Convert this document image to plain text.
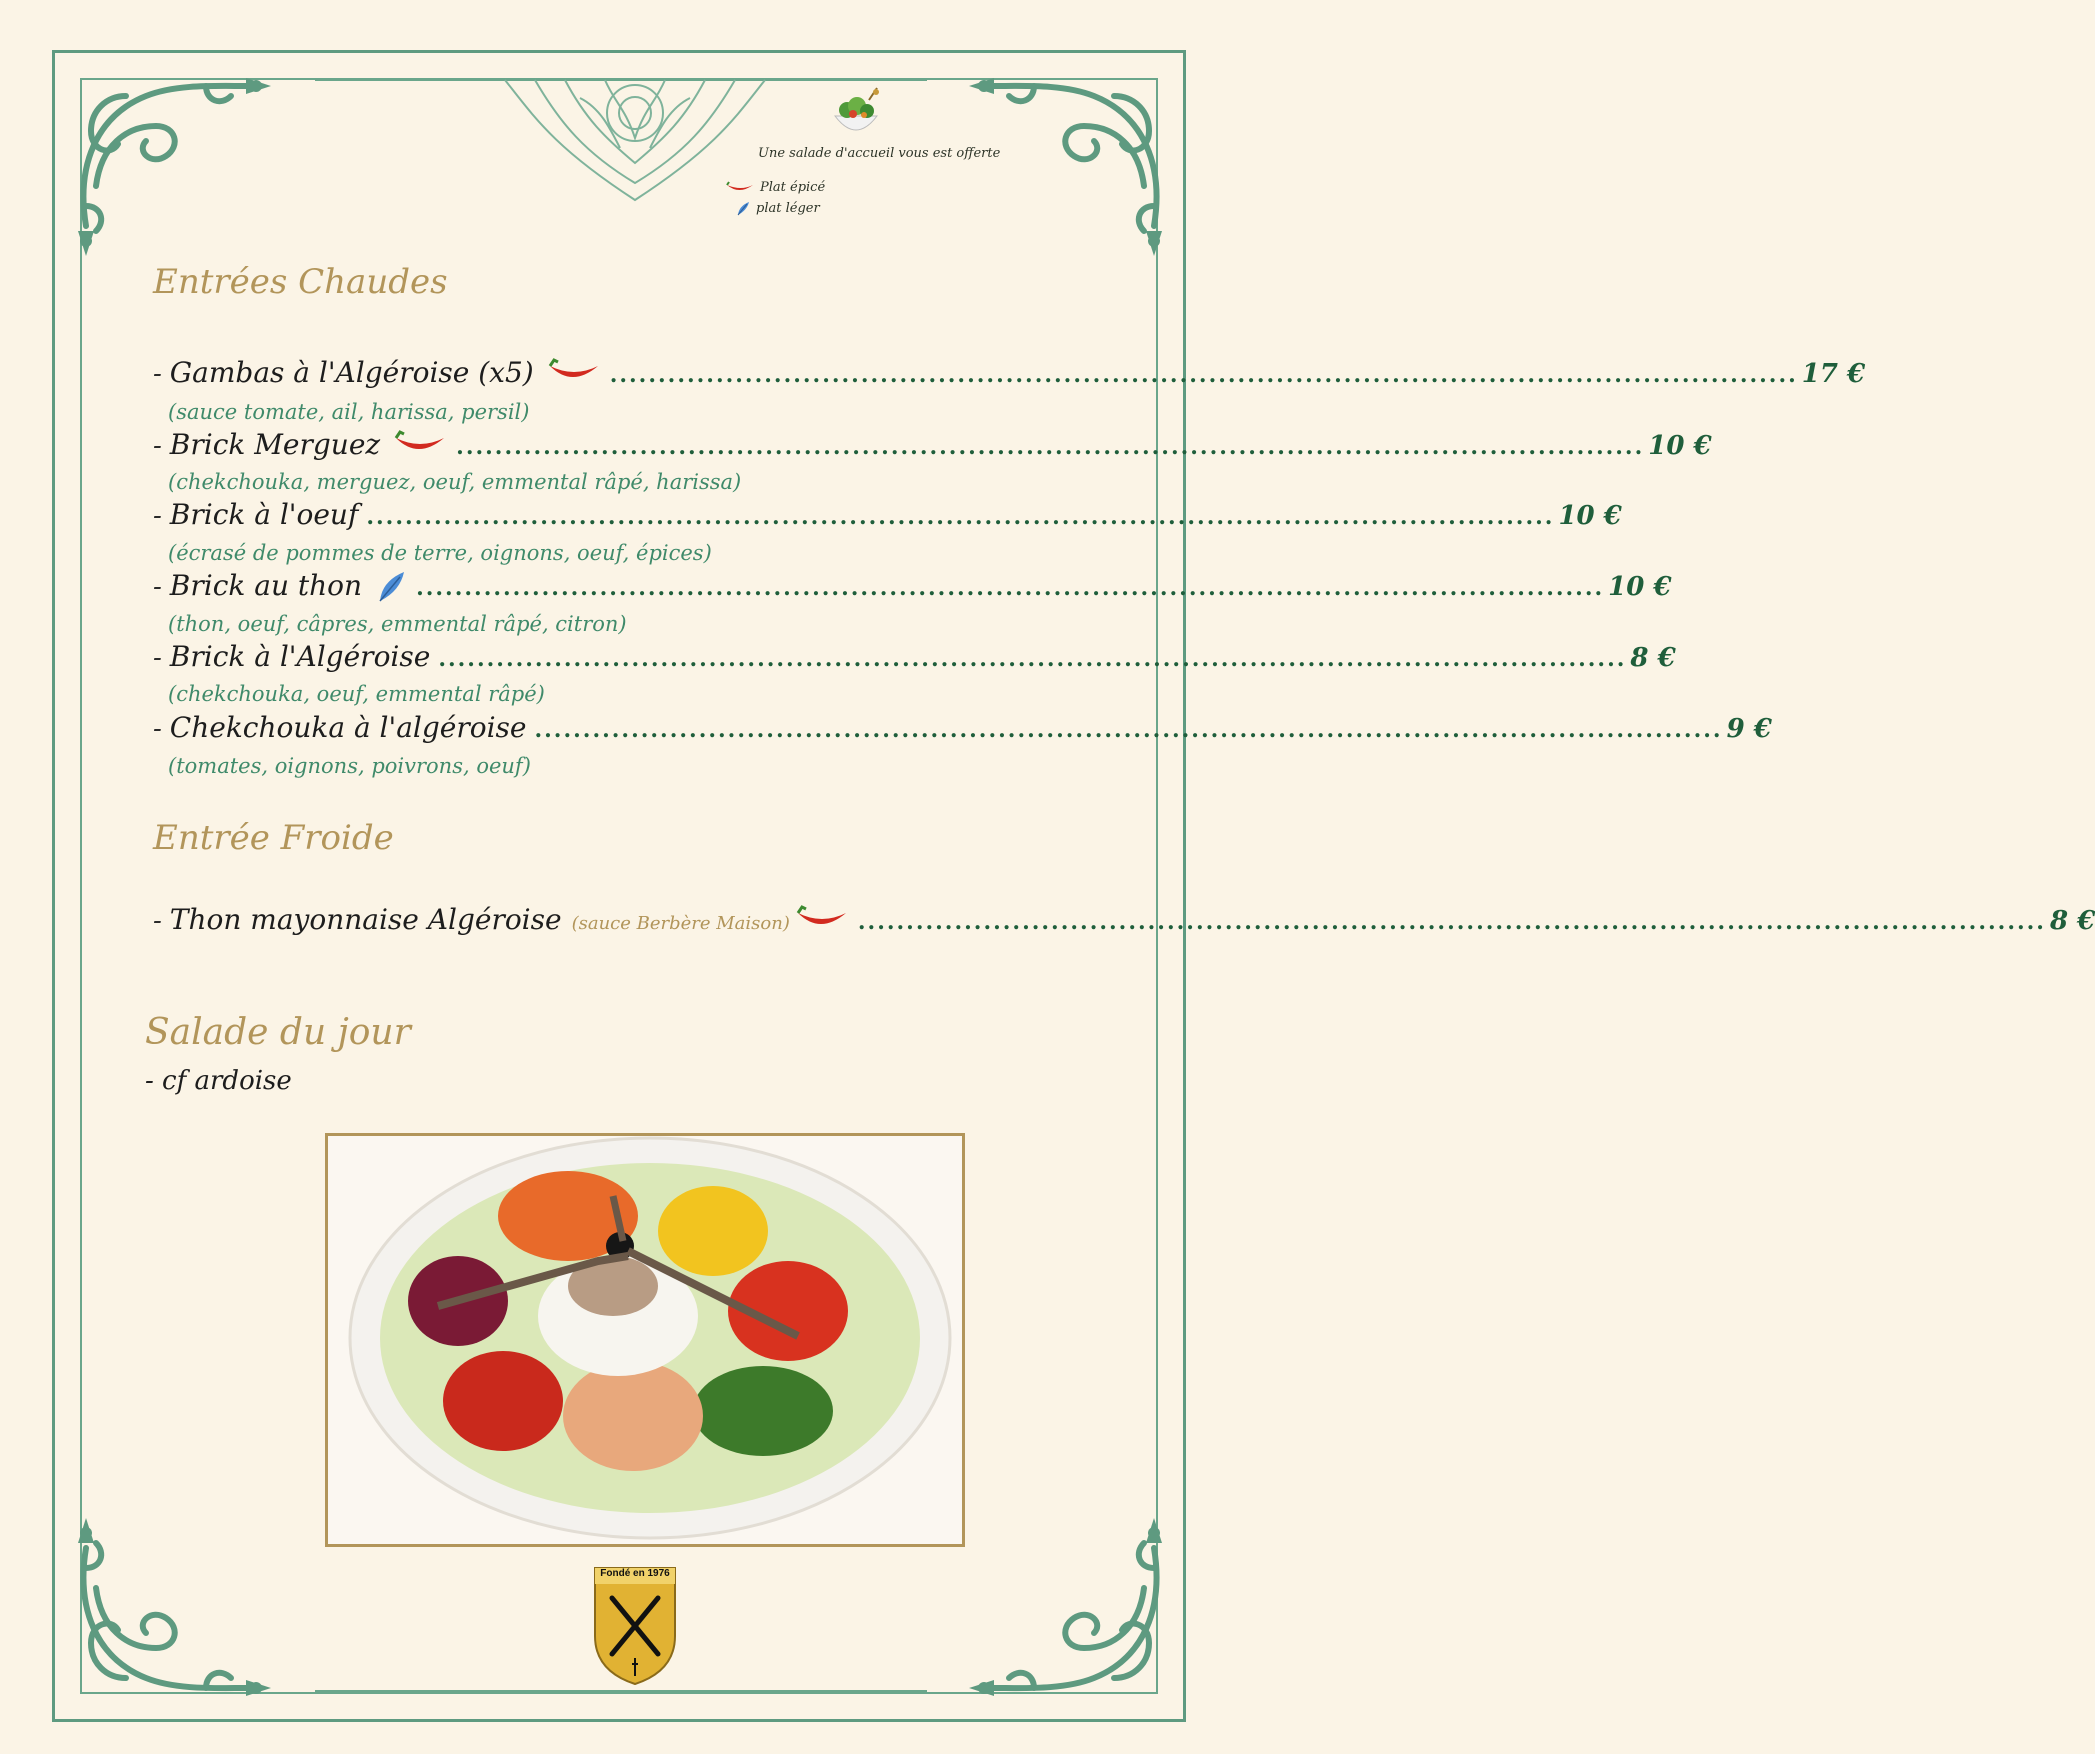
Une salade d'accueil vous est offerte
Plat épicé
plat léger
Entrées Chaudes
- Gambas à l'Algéroise (x5)	........................................................................................................................... 17 €
(sauce tomate, ail, harissa, persil)
- Brick Merguez	........................................................................................................................... 10 €
(chekchouka, merguez, oeuf, emmental râpé, harissa)
- Brick à l'oeuf ........................................................................................................................... 10 €
(écrasé de pommes de terre, oignons, oeuf, épices)
- Brick au thon ........................................................................................................................... 10 €
(thon, oeuf, câpres, emmental râpé, citron)
- Brick à l'Algéroise ........................................................................................................................... 8 €
(chekchouka, oeuf, emmental râpé)
- Chekchouka à l'algéroise ........................................................................................................................... 9 €
(tomates, oignons, poivrons, oeuf)
Entrée Froide
- Thon mayonnaise Algéroise (sauce Berbère Maison)	........................................................................................................................... 8 €
Salade du jour
- cf ardoise
Fondé en 1976
